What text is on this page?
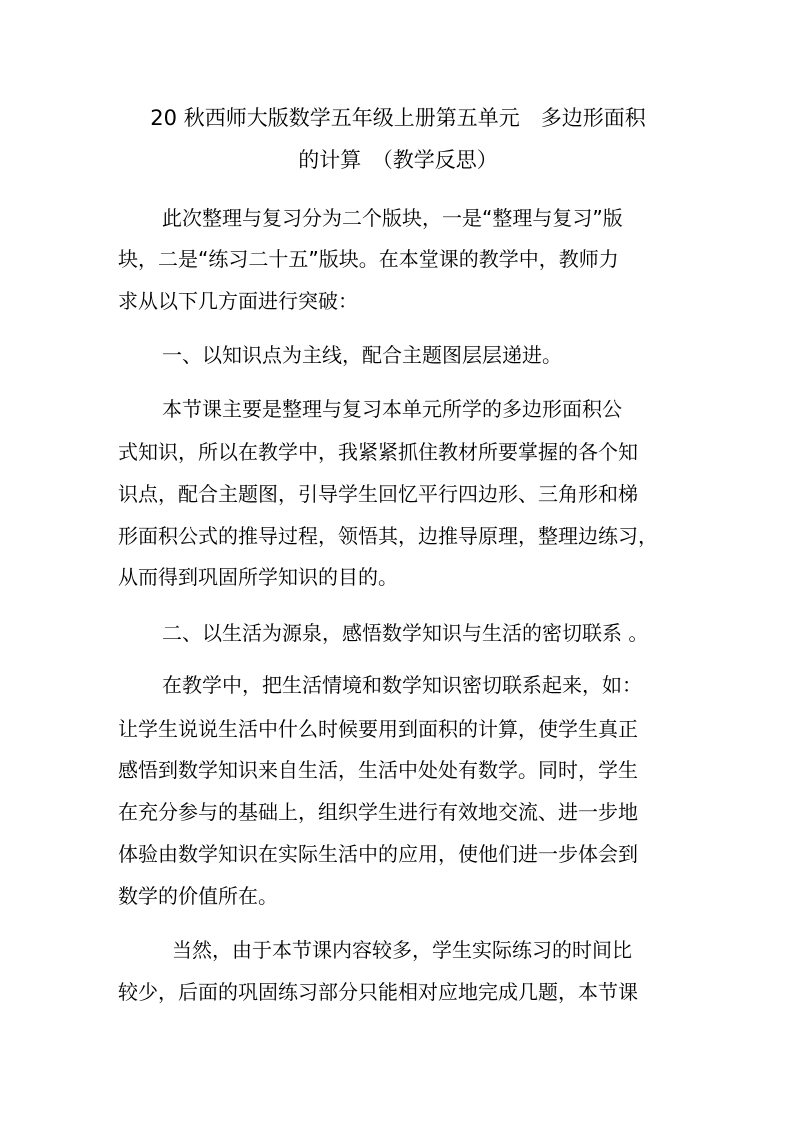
20 秋西师大版数学五年级上册第五单元　多边形面积
的计算　（教学反思）
此次整理与复习分为二个版块，一是“整理与复习”版
块，二是“练习二十五”版块。在本堂课的教学中，教师力
求从以下几方面进行突破：
一、以知识点为主线，配合主题图层层递进。
本节课主要是整理与复习本单元所学的多边形面积公
式知识，所以在教学中，我紧紧抓住教材所要掌握的各个知
识点，配合主题图，引导学生回忆平行四边形、三角形和梯
形面积公式的推导过程，领悟其，边推导原理，整理边练习，
从而得到巩固所学知识的目的。
二、以生活为源泉，感悟数学知识与生活的密切联系 。
在教学中，把生活情境和数学知识密切联系起来，如：
让学生说说生活中什么时候要用到面积的计算，使学生真正
感悟到数学知识来自生活，生活中处处有数学。同时，学生
在充分参与的基础上，组织学生进行有效地交流、进一步地
体验由数学知识在实际生活中的应用，使他们进一步体会到
数学的价值所在。
当然，由于本节课内容较多，学生实际练习的时间比
较少，后面的巩固练习部分只能相对应地完成几题，本节课
